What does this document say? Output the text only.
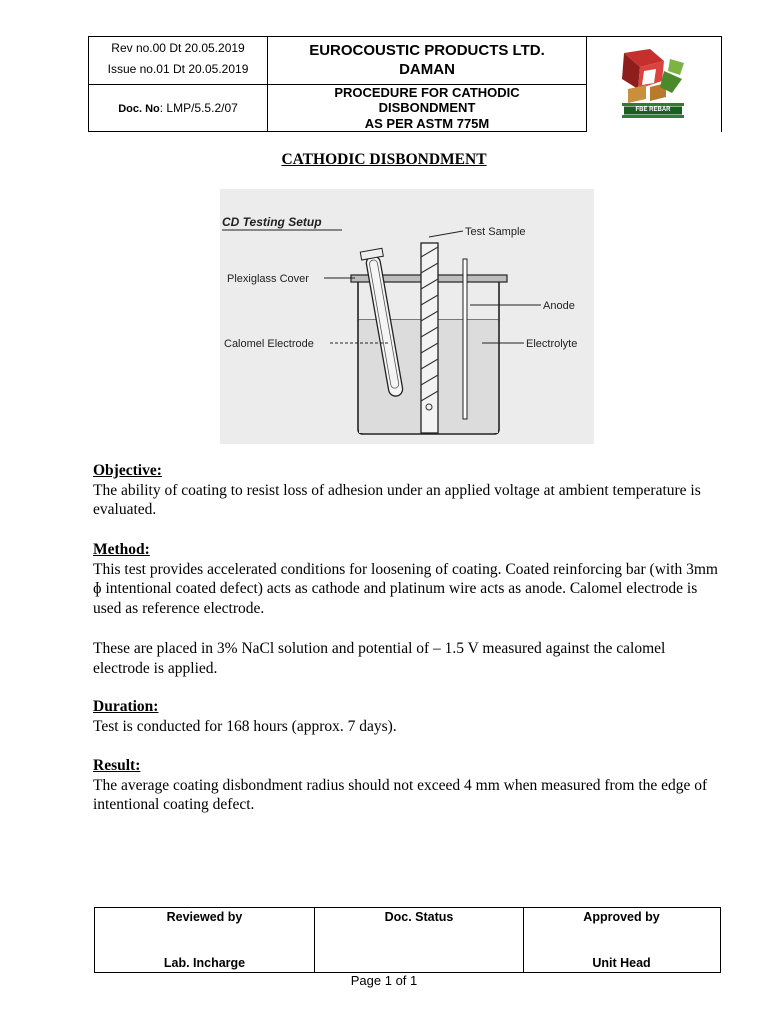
Rev no.00 Dt 20.05.2019
Issue no.01 Dt 20.05.2019
Doc. No: LMP/5.5.2/07
EUROCOUSTIC PRODUCTS LTD.
DAMAN
PROCEDURE FOR CATHODIC
DISBONDMENT
AS PER ASTM 775M
FBE REBAR
CATHODIC DISBONDMENT
CD Testing Setup
Test Sample
Plexiglass Cover
Anode
Calomel Electrode	Electrolyte
Objective:
The ability of coating to resist loss of adhesion under an applied voltage at ambient temperature is evaluated.
Method:
This test provides accelerated conditions for loosening of coating. Coated reinforcing bar (with 3mm ɸ intentional coated defect) acts as cathode and platinum wire acts as anode. Calomel electrode is used as reference electrode.
These are placed in 3% NaCl solution and potential of – 1.5 V measured against the calomel electrode is applied.
Duration:
Test is conducted for 168 hours (approx. 7 days).
Result:
The average coating disbondment radius should not exceed 4 mm when measured from the edge of intentional coating defect.
Reviewed by
Lab. Incharge
Doc. Status	Approved by
Unit Head
Page 1 of 1
